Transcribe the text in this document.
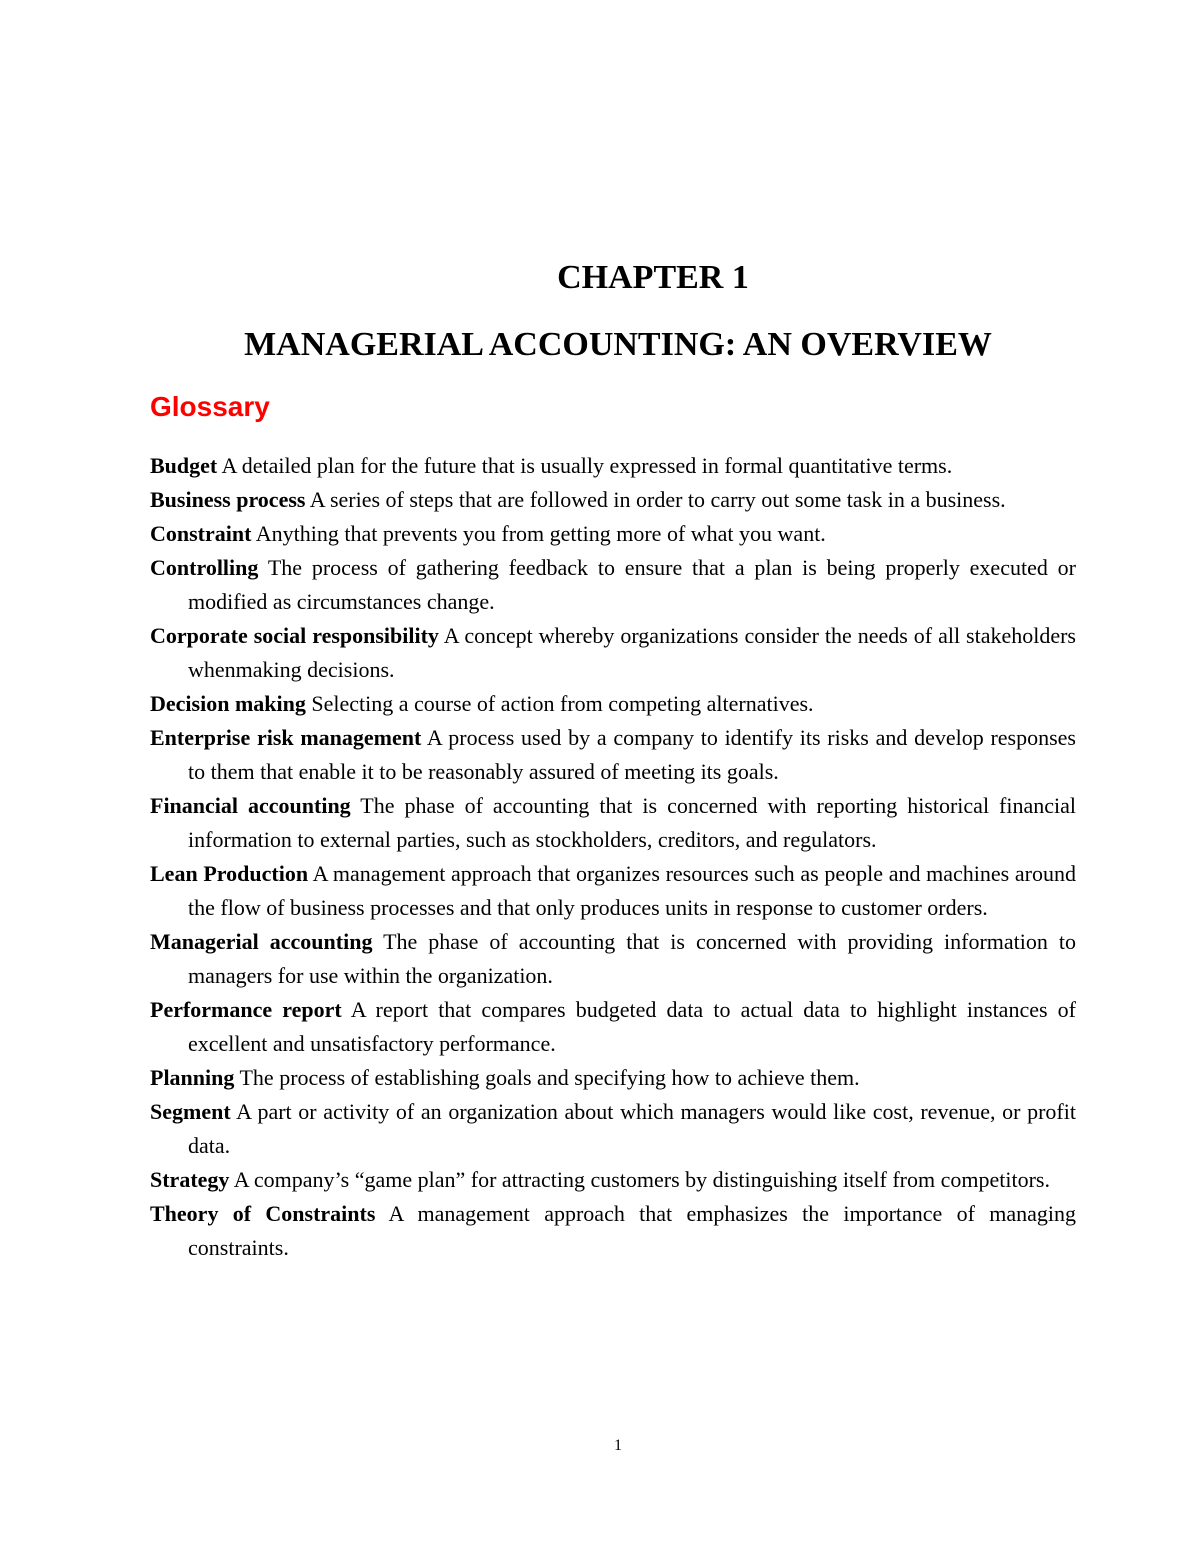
CHAPTER 1
MANAGERIAL ACCOUNTING: AN OVERVIEW
Glossary
Budget A detailed plan for the future that is usually expressed in formal quantitative terms.
Business process A series of steps that are followed in order to carry out some task in a business.
Constraint Anything that prevents you from getting more of what you want.
Controlling The process of gathering feedback to ensure that a plan is being properly executed or modified as circumstances change.
Corporate social responsibility A concept whereby organizations consider the needs of all stakeholders whenmaking decisions.
Decision making Selecting a course of action from competing alternatives.
Enterprise risk management A process used by a company to identify its risks and develop responses to them that enable it to be reasonably assured of meeting its goals.
Financial accounting The phase of accounting that is concerned with reporting historical financial information to external parties, such as stockholders, creditors, and regulators.
Lean Production A management approach that organizes resources such as people and machines around the flow of business processes and that only produces units in response to customer orders.
Managerial accounting The phase of accounting that is concerned with providing information to managers for use within the organization.
Performance report A report that compares budgeted data to actual data to highlight instances of excellent and unsatisfactory performance.
Planning The process of establishing goals and specifying how to achieve them.
Segment A part or activity of an organization about which managers would like cost, revenue, or profit data.
Strategy A company’s “game plan” for attracting customers by distinguishing itself from competitors.
Theory of Constraints A management approach that emphasizes the importance of managing constraints.
1
